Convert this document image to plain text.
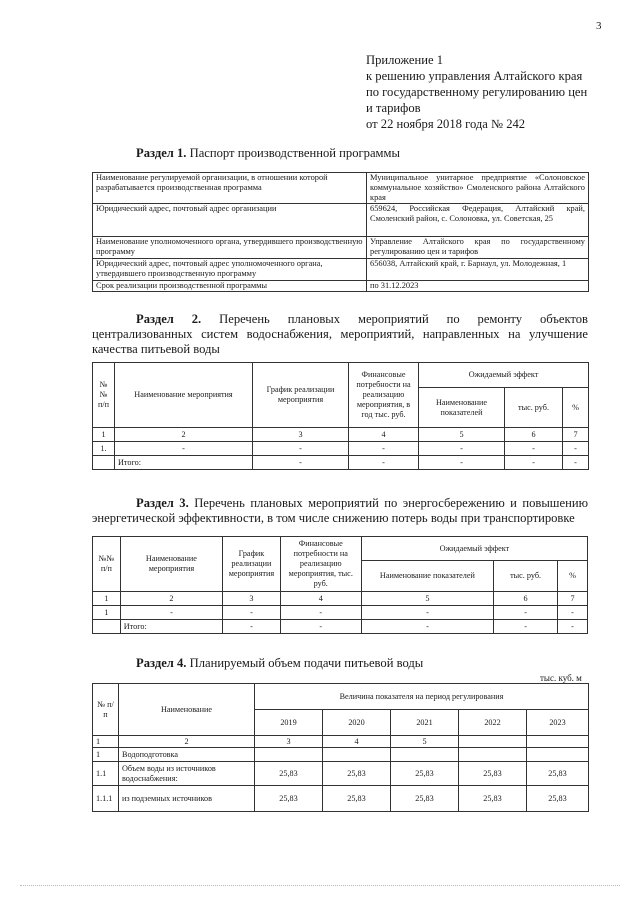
3
Приложение 1
к решению управления Алтайского края
по государственному регулированию цен
и тарифов
от 22 ноября 2018 года № 242
Раздел 1. Паспорт производственной программы
Наименование регулируемой организации, в отношении которой разрабатывается производственная программа	Муниципальное унитарное предприятие «Солоновское коммунальное хозяйство» Смоленского района Алтайского края
Юридический адрес, почтовый адрес организации	659624, Российская Федерация, Алтайский край, Смоленский район, с. Солоновка, ул. Советская, 25
Наименование уполномоченного органа, утвердившего производственную программу	Управление Алтайского края по государственному регулированию цен и тарифов
Юридический адрес, почтовый адрес уполномоченного органа, утвердившего производственную программу	656038, Алтайский край, г. Барнаул, ул. Молодежная, 1
Срок реализации производственной программы	по 31.12.2023
Раздел 2. Перечень плановых мероприятий по ремонту объектов централизованных систем водоснабжения, мероприятий, направленных на улучшение качества питьевой воды
№№ п/п	Наименование мероприятия	График реализации мероприятия	Финансовые потребности на реализацию мероприятия, в год тыс. руб.	Ожидаемый эффект		
				Наименование показателей	тыс. руб.	%
1	2	3	4	5	6	7
1.	-	-	-	-	-	-
	Итого:	-	-	-	-	-
Раздел 3. Перечень плановых мероприятий по энергосбережению и повышению энергетической эффективности, в том числе снижению потерь воды при транспортировке
№№ п/п	Наименование мероприятия	График реализации мероприятия	Финансовые потребности на реализацию мероприятия, тыс. руб.	Ожидаемый эффект		
				Наименование показателей	тыс. руб.	%
1	2	3	4	5	6	7
1	-	-	-	-	-	-
	Итого:	-	-	-	-	-
Раздел 4. Планируемый объем подачи питьевой воды
тыс. куб. м
№ п/п	Наименование	Величина показателя на период регулирования				
		2019	2020	2021	2022	2023
1	2	3	4	5		
1	Водоподготовка					
1.1	Объем воды из источников водоснабжения:	25,83	25,83	25,83	25,83	25,83
1.1.1	из подземных источников	25,83	25,83	25,83	25,83	25,83
